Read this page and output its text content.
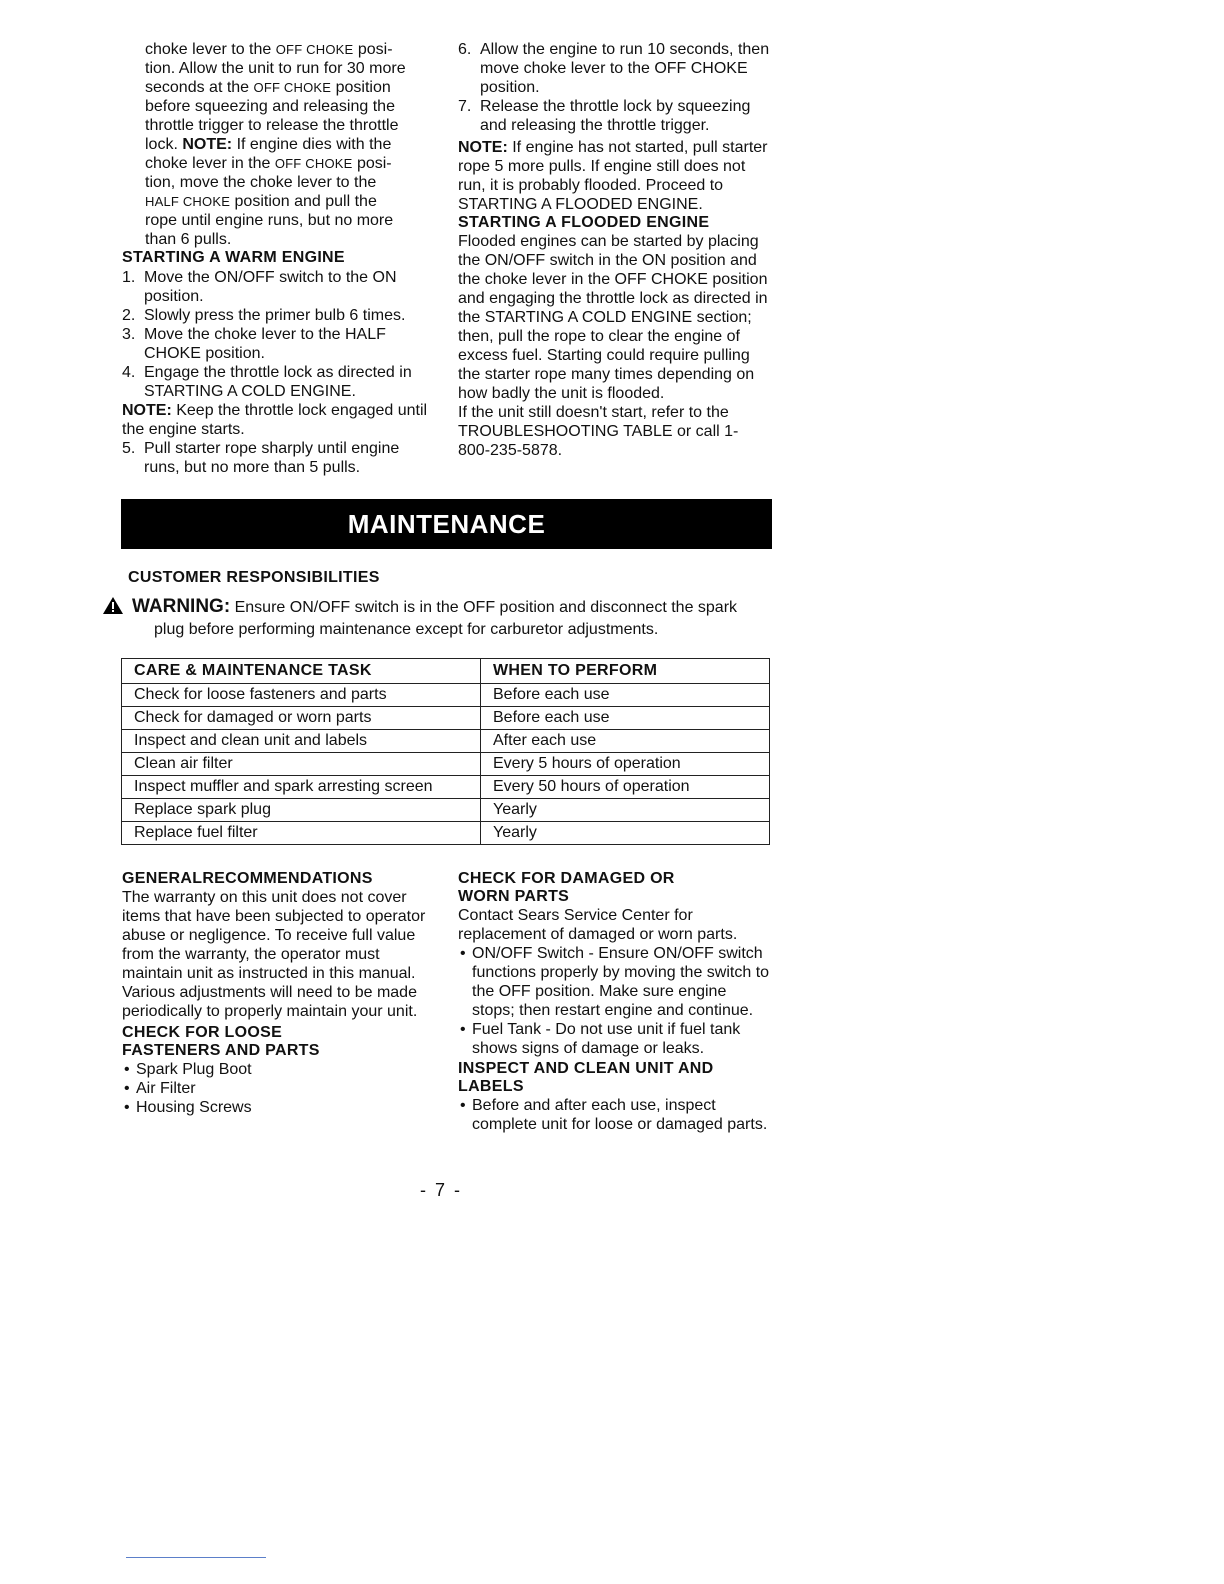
choke lever to the OFF CHOKE posi-

tion. Allow the unit to run for 30 more

seconds at the OFF CHOKE position

before squeezing and releasing the

throttle trigger to release the throttle

lock. NOTE: If engine dies with the

choke lever in the OFF CHOKE posi-

tion, move the choke lever to the

HALF CHOKE position and pull the

rope until engine runs, but no more

than 6 pulls.

STARTING A WARM ENGINE
1. Move the ON/OFF switch to the ON position.
2. Slowly press the primer bulb 6 times.
3. Move the choke lever to the HALF CHOKE position.
4. Engage the throttle lock as directed in STARTING A COLD ENGINE.

NOTE: Keep the throttle lock engaged until the engine starts.

5. Pull starter rope sharply until engine runs, but no more than 5 pulls.
6. Allow the engine to run 10 seconds, then move choke lever to the OFF CHOKE position.
7. Release the throttle lock by squeezing and releasing the throttle trigger.

NOTE: If engine has not started, pull starter rope 5 more pulls. If engine still does not run, it is probably flooded. Proceed to STARTING A FLOODED ENGINE.

STARTING A FLOODED ENGINE

Flooded engines can be started by placing the ON/OFF switch in the ON position and the choke lever in the OFF CHOKE position and engaging the throttle lock as directed in the STARTING A COLD ENGINE section; then, pull the rope to clear the engine of excess fuel. Starting could require pulling the starter rope many times depending on how badly the unit is flooded.

If the unit still doesn't start, refer to the TROUBLESHOOTING TABLE or call 1-800-235-5878.

MAINTENANCE
CUSTOMER RESPONSIBILITIES
WARNING: Ensure ON/OFF switch is in the OFF position and disconnect the spark plug before performing maintenance except for carburetor adjustments.
CARE & MAINTENANCE TASK	WHEN TO PERFORM
Check for loose fasteners and parts	Before each use
Check for damaged or worn parts	Before each use
Inspect and clean unit and labels	After each use
Clean air filter	Every 5 hours of operation
Inspect muffler and spark arresting screen	Every 50 hours of operation
Replace spark plug	Yearly
Replace fuel filter	Yearly
GENERALRECOMMENDATIONS

The warranty on this unit does not cover items that have been subjected to operator abuse or negligence. To receive full value from the warranty, the operator must maintain unit as instructed in this manual. Various adjustments will need to be made periodically to properly maintain your unit.

CHECK FOR LOOSE FASTENERS AND PARTS
• Spark Plug Boot
• Air Filter
• Housing Screws
CHECK FOR DAMAGED OR WORN PARTS

Contact Sears Service Center for replacement of damaged or worn parts.

• ON/OFF Switch - Ensure ON/OFF switch functions properly by moving the switch to the OFF position. Make sure engine stops; then restart engine and continue.
• Fuel Tank - Do not use unit if fuel tank shows signs of damage or leaks.
INSPECT AND CLEAN UNIT AND LABELS
• Before and after each use, inspect complete unit for loose or damaged parts.
- 7 -
